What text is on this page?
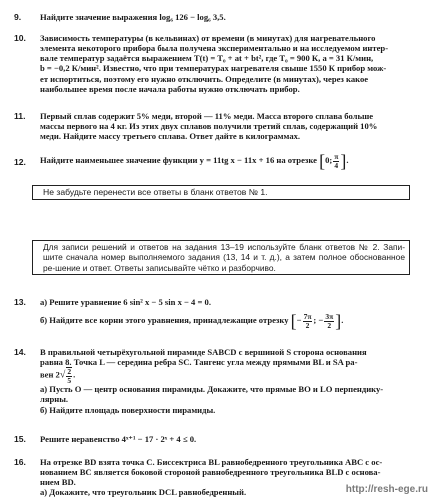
9. Найдите значение выражения log₆ 126 − log₆ 3,5.

10. Зависимость температуры (в кельвинах) от времени (в минутах) для нагревательного

элемента некоторого прибора была получена экспериментально и на исследуемом интер-

вале температур задаётся выражением T(t) = T₀ + at + bt², где T₀ = 900 К, a = 31 К/мин,

b = −0,2 К/мин². Известно, что при температурах нагревателя свыше 1550 К прибор мож-

ет испортиться, поэтому его нужно отключить. Определите (в минутах), через какое

наибольшее время после начала работы нужно отключать прибор.

11. Первый сплав содержит 5% меди, второй — 11% меди. Масса второго сплава больше

массы первого на 4 кг. Из этих двух сплавов получили третий сплав, содержащий 10%

меди. Найдите массу третьего сплава. Ответ дайте в килограммах.

12. Найдите наименьшее значение функции y = 11tg x − 11x + 16 на отрезке [0; $\frac{\pi}{4}$ ].

Не забудьте перенести все ответы в бланк ответов № 1.
Для записи решений и ответов на задания 13–19 используйте бланк ответов № 2. Запи-шите сначала номер выполняемого задания (13, 14 и т. д.), а затем полное обоснованное ре-шение и ответ. Ответы записывайте чётко и разборчиво.
13. а) Решите уравнение 6 sin² x − 5 sin x − 4 = 0.

б) Найдите все корни этого уравнения, принадлежащие отрезку [− $\frac{7\pi}{2}$ ; − $\frac{3\pi}{2}$ ].

14. В правильной четырёхугольной пирамиде SABCD с вершиной S сторона основания

равна 8. Точка L — середина ребра SC. Тангенс угла между прямыми BL и SA ра-

вен $2√ \frac{2}{5}$ .

а) Пусть O — центр основания пирамиды. Докажите, что прямые BO и LO перпендику-

лярны.

б) Найдите площадь поверхности пирамиды.

15. Решите неравенство 4ˣ⁺¹ − 17 · 2ˣ + 4 ≤ 0.

16. На отрезке BD взята точка C. Биссектриса BL равнобедренного треугольника ABC с ос-

нованием BC является боковой стороной равнобедренного треугольника BLD с основа-

нием BD.

а) Докажите, что треугольник DCL равнобедренный.	http://resh-ege.ru
